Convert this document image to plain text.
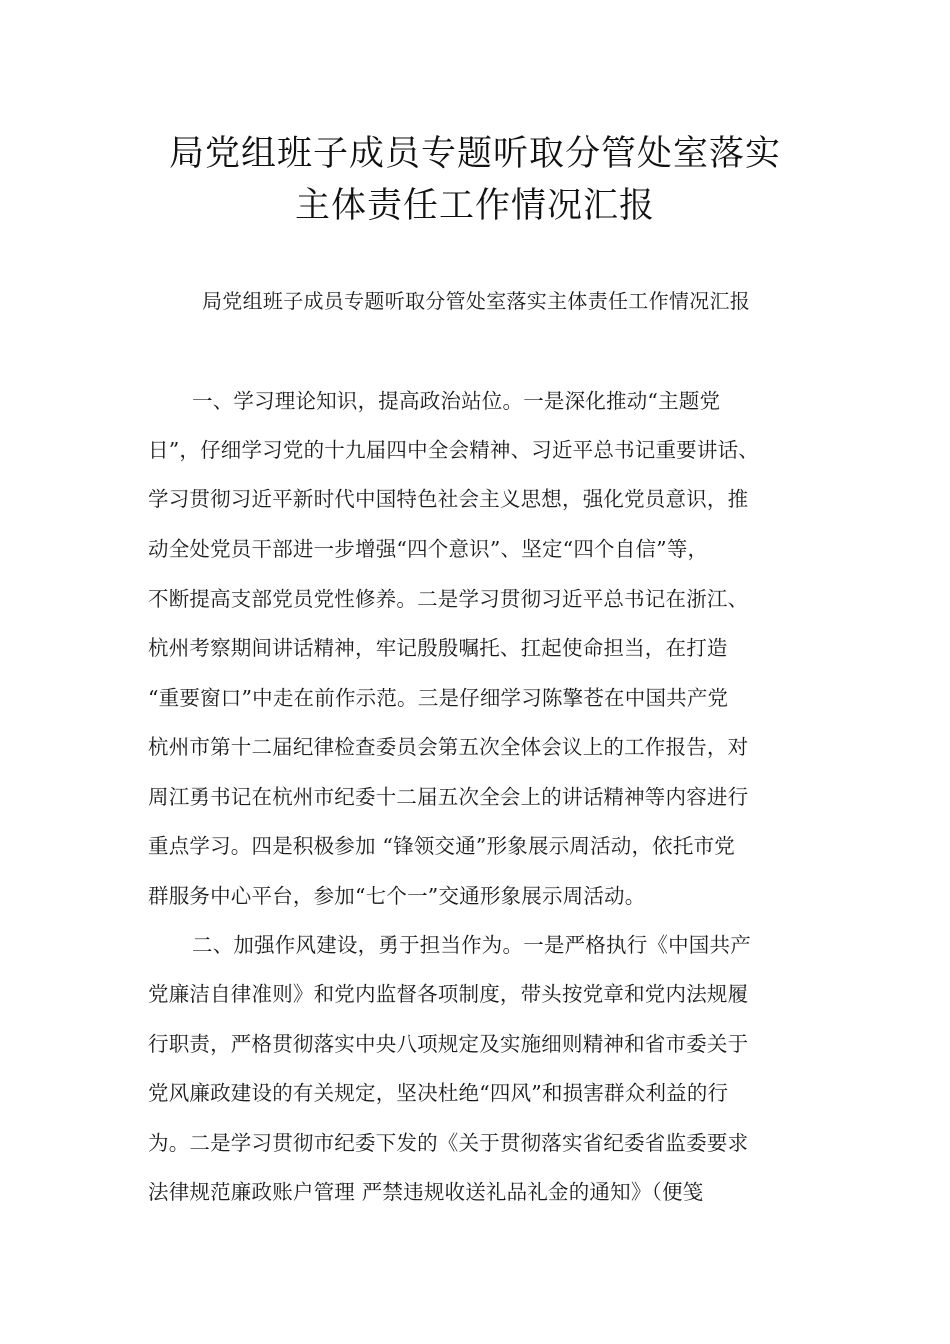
局党组班子成员专题听取分管处室落实
主体责任工作情况汇报
局党组班子成员专题听取分管处室落实主体责任工作情况汇报
一、学习理论知识，提高政治站位。一是深化推动“主题党
日”，仔细学习党的十九届四中全会精神、习近平总书记重要讲话、
学习贯彻习近平新时代中国特色社会主义思想，强化党员意识，推
动全处党员干部进一步增强“四个意识”、坚定“四个自信”等，
不断提高支部党员党性修养。二是学习贯彻习近平总书记在浙江、
杭州考察期间讲话精神，牢记殷殷嘱托、扛起使命担当，在打造
“重要窗口”中走在前作示范。三是仔细学习陈擎苍在中国共产党
杭州市第十二届纪律检查委员会第五次全体会议上的工作报告，对
周江勇书记在杭州市纪委十二届五次全会上的讲话精神等内容进行
重点学习。四是积极参加 “锋领交通”形象展示周活动，依托市党
群服务中心平台，参加“七个一”交通形象展示周活动。
二、加强作风建设，勇于担当作为。一是严格执行《中国共产
党廉洁自律准则》和党内监督各项制度，带头按党章和党内法规履
行职责，严格贯彻落实中央八项规定及实施细则精神和省市委关于
党风廉政建设的有关规定，坚决杜绝“四风”和损害群众利益的行
为。二是学习贯彻市纪委下发的《关于贯彻落实省纪委省监委要求
法律规范廉政账户管理 严禁违规收送礼品礼金的通知》（便笺
